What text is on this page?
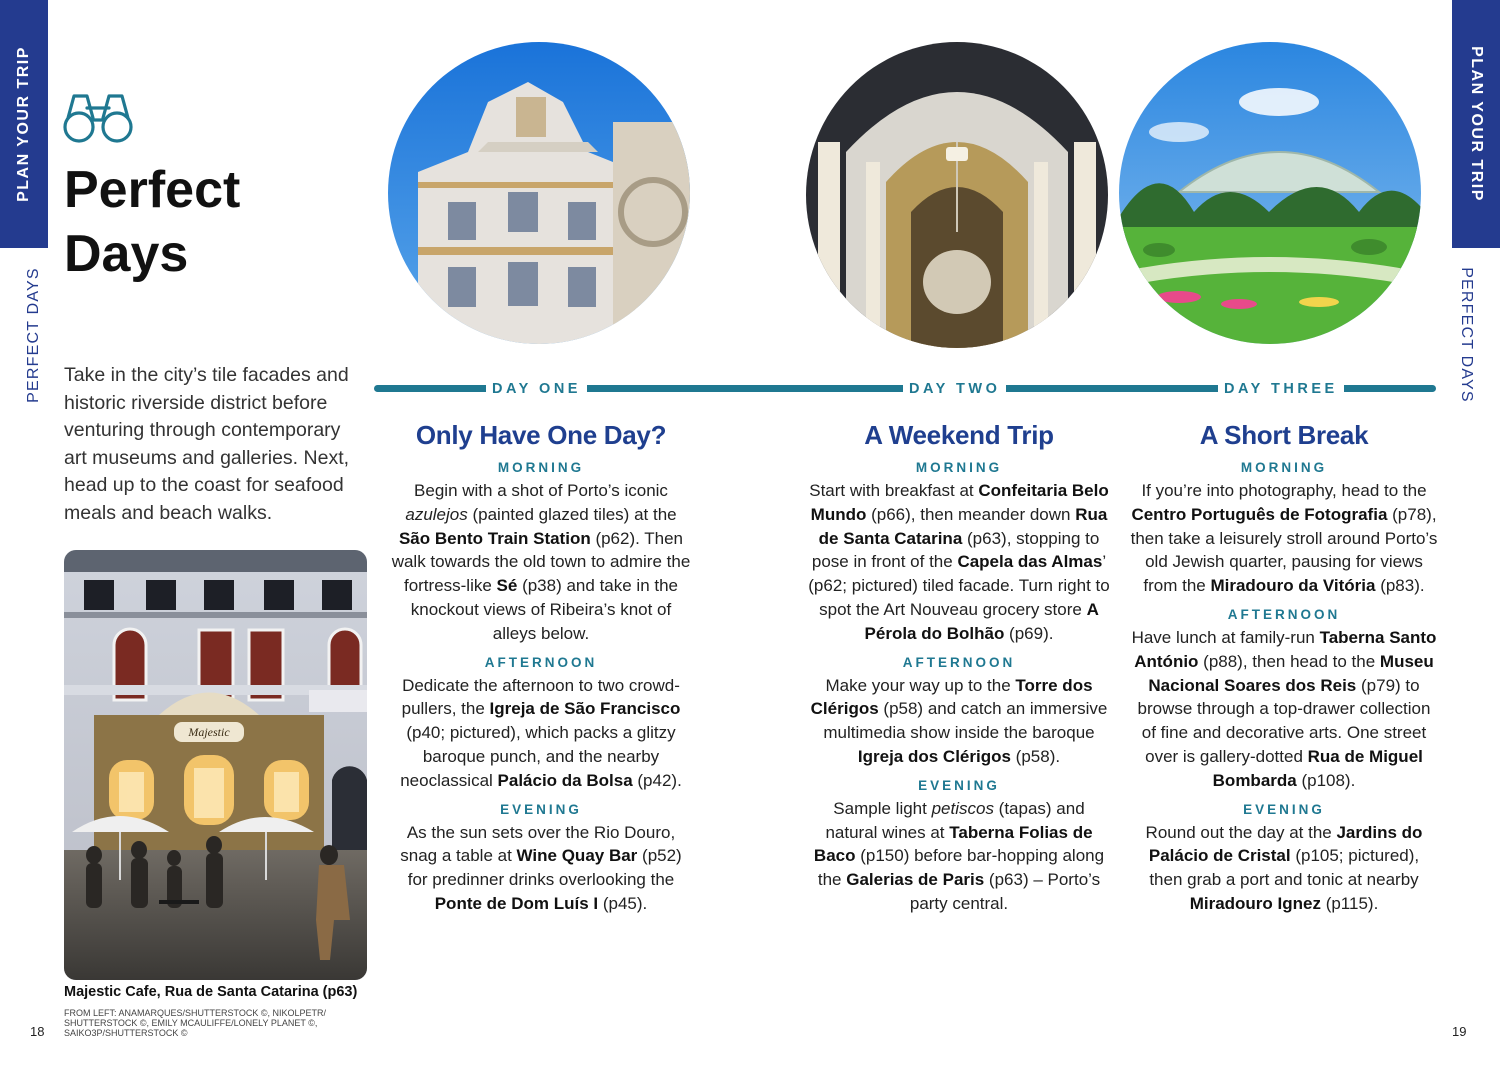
PLAN YOUR TRIP
PERFECT DAYS
PLAN YOUR TRIP
PERFECT DAYS
Perfect
Days

Take in the city’s tile facades and historic riverside district before venturing through contemporary art museums and galleries. Next, head up to the coast for seafood meals and beach walks.

Majestic
Majestic Cafe, Rua de Santa Catarina (p63)
18
FROM LEFT: ANAMARQUES/SHUTTERSTOCK ©, NIKOLPETR/ SHUTTERSTOCK ©, EMILY MCAULIFFE/LONELY PLANET ©, SAIKO3P/SHUTTERSTOCK ©	19
DAY ONE	DAY TWO	DAY THREE
Only Have One Day?
MORNING

Begin with a shot of Porto’s iconic azulejos (painted glazed tiles) at the São Bento Train Station (p62). Then walk towards the old town to admire the fortress-like Sé (p38) and take in the knockout views of Ribeira’s knot of alleys below.

AFTERNOON

Dedicate the afternoon to two crowd-pullers, the Igreja de São Francisco (p40; pictured), which packs a glitzy baroque punch, and the nearby neoclassical Palácio da Bolsa (p42).

EVENING

As the sun sets over the Rio Douro, snag a table at Wine Quay Bar (p52) for predinner drinks overlooking the Ponte de Dom Luís I (p45).

A Weekend Trip
MORNING

Start with breakfast at Confeitaria Belo Mundo (p66), then meander down Rua de Santa Catarina (p63), stopping to pose in front of the Capela das Almas’ (p62; pictured) tiled facade. Turn right to spot the Art Nouveau grocery store A Pérola do Bolhão (p69).

AFTERNOON

Make your way up to the Torre dos Clérigos (p58) and catch an immersive multimedia show inside the baroque Igreja dos Clérigos (p58).

EVENING

Sample light petiscos (tapas) and natural wines at Taberna Folias de Baco (p150) before bar-hopping along the Galerias de Paris (p63) – Porto’s party central.

A Short Break
MORNING

If you’re into photography, head to the Centro Português de Fotografia (p78), then take a leisurely stroll around Porto’s old Jewish quarter, pausing for views from the Miradouro da Vitória (p83).

AFTERNOON

Have lunch at family-run Taberna Santo António (p88), then head to the Museu Nacional Soares dos Reis (p79) to browse through a top-drawer collection of fine and decorative arts. One street over is gallery-dotted Rua de Miguel Bombarda (p108).

EVENING

Round out the day at the Jardins do Palácio de Cristal (p105; pictured), then grab a port and tonic at nearby Miradouro Ignez (p115).
